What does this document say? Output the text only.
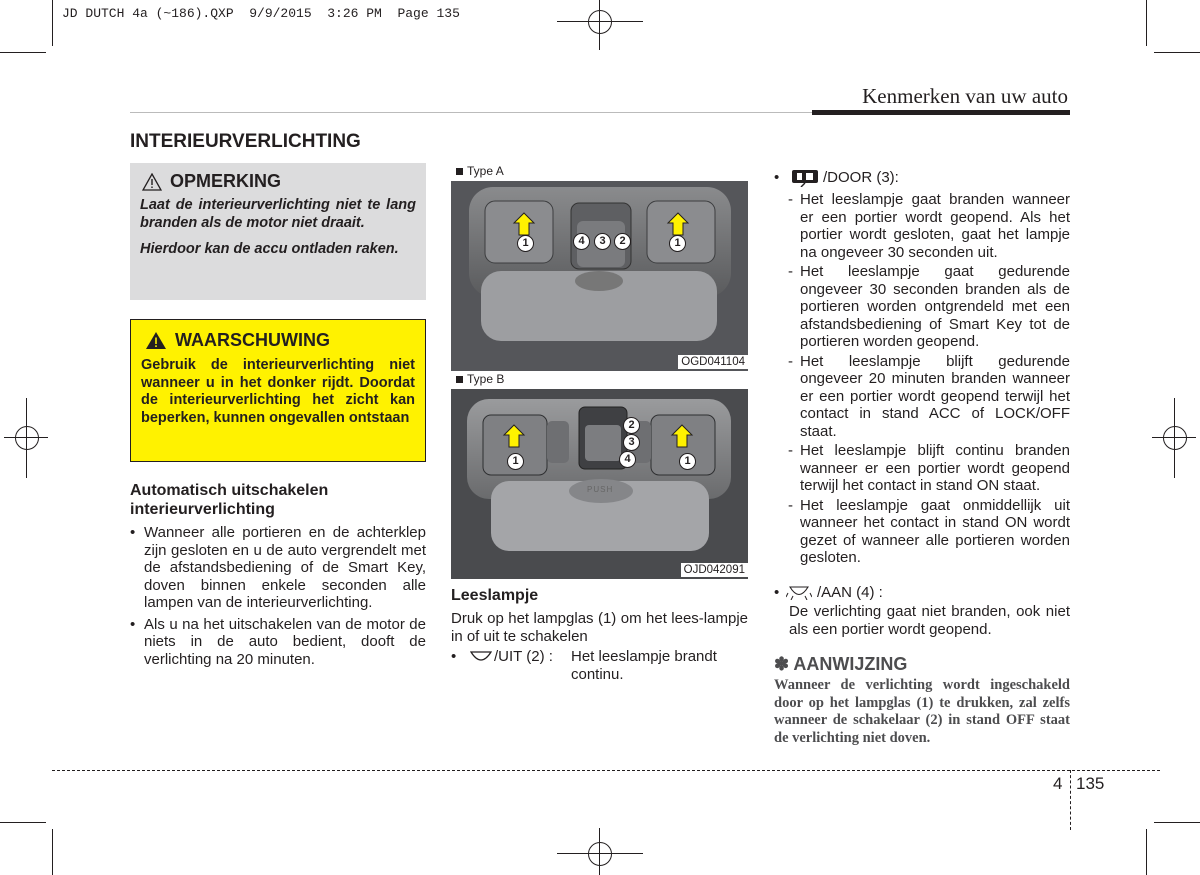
JD DUTCH 4a (~186).QXP  9/9/2015  3:26 PM  Page 135
Kenmerken van uw auto
INTERIEURVERLICHTING
OPMERKING

Laat de interieurverlichting niet te lang branden als de motor niet draait.

Hierdoor kan de accu ontladen raken.

WAARSCHUWING

Gebruik de interieurverlichting niet wanneer u in het donker rijdt. Doordat de interieurverlichting het zicht kan beperken, kunnen ongevallen ontstaan

Automatisch uitschakelen interieurverlichting

• Wanneer alle portieren en de achterklep zijn gesloten en u de auto vergrendelt met de afstandsbediening of de Smart Key, doven binnen enkele seconden alle lampen van de interieurverlichting.

• Als u na het uitschakelen van de motor de niets in de auto bedient, dooft de verlichting na 20 minuten.

Type A
1	1
4	3	2
OGD041104
Type B
PUSH
1	1
2
3
4
OJD042091
Leeslampje
Druk op het lampglas (1) om het lees-lampje in of uit te schakelen
•	/UIT (2) : Het leeslampje brandt continu.
•	/DOOR (3):

- Het leeslampje gaat branden wanneer er een portier wordt geopend. Als het portier wordt gesloten, gaat het lampje na ongeveer 30 seconden uit.

- Het leeslampje gaat gedurende ongeveer 30 seconden branden als de portieren worden ontgrendeld met een afstandsbediening of Smart Key tot de portieren worden geopend.

- Het leeslampje blijft gedurende ongeveer 20 minuten branden wanneer er een portier wordt geopend terwijl het contact in stand ACC of LOCK/OFF staat.

- Het leeslampje blijft continu branden wanneer er een portier wordt geopend terwijl het contact in stand ON staat.

- Het leeslampje gaat onmiddellijk uit wanneer het contact in stand ON wordt gezet of wanneer alle portieren worden gesloten.

•	/AAN (4) :
De verlichting gaat niet branden, ook niet als een portier wordt geopend.
✽ AANWIJZING
Wanneer de verlichting wordt ingeschakeld door op het lampglas (1) te drukken, zal zelfs wanneer de schakelaar (2) in stand OFF staat de verlichting niet doven.
4 135
